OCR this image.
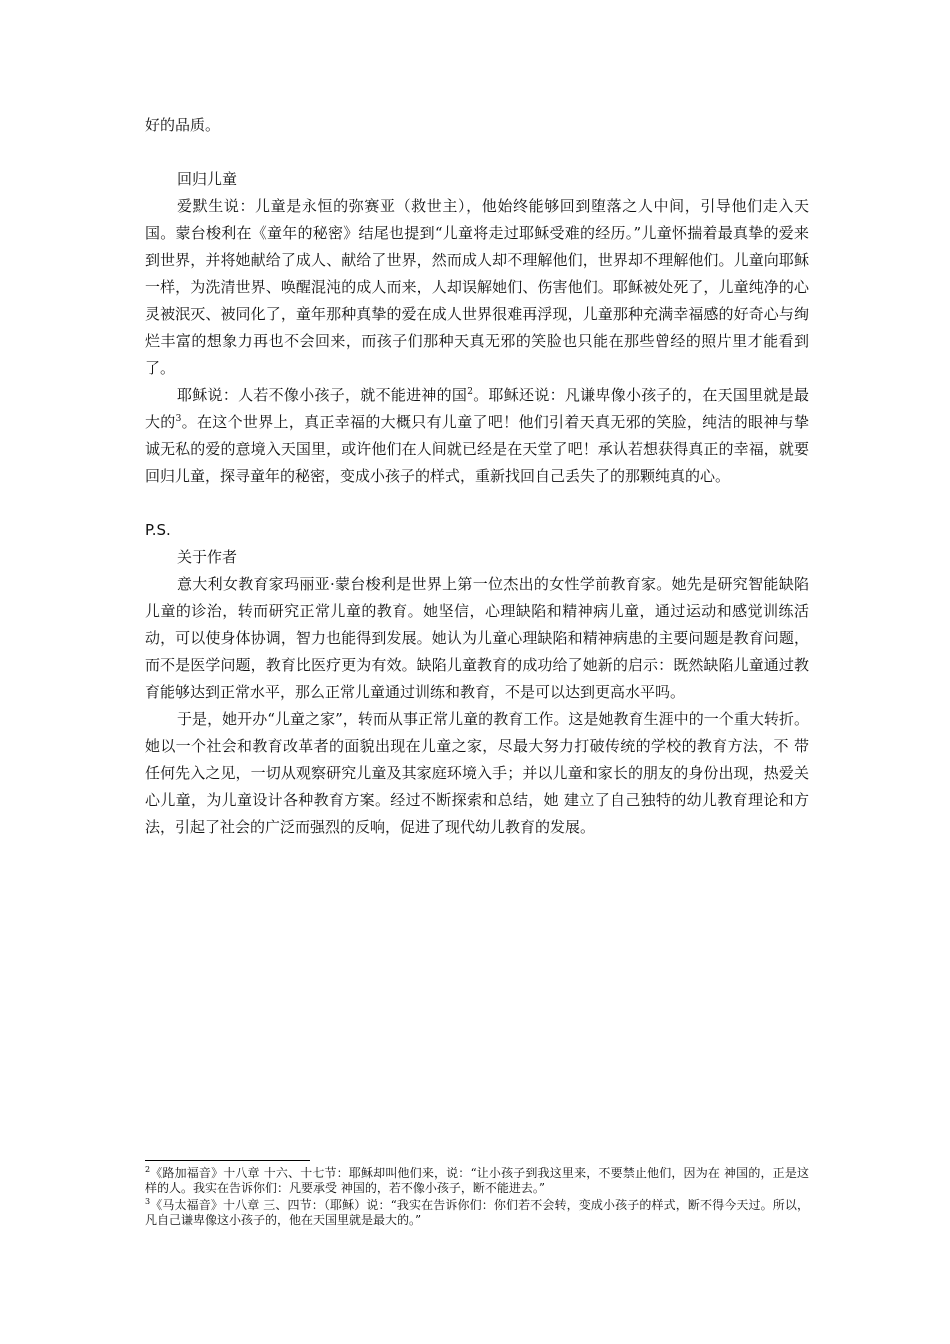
好的品质。

回归儿童

爱默生说：儿童是永恒的弥赛亚（救世主），他始终能够回到堕落之人中间，引导他们走入天国。蒙台梭利在《童年的秘密》结尾也提到“儿童将走过耶稣受难的经历。”儿童怀揣着最真挚的爱来到世界，并将她献给了成人、献给了世界，然而成人却不理解他们，世界却不理解他们。儿童向耶稣一样，为洗清世界、唤醒混沌的成人而来，人却误解她们、伤害他们。耶稣被处死了，儿童纯净的心灵被泯灭、被同化了，童年那种真挚的爱在成人世界很难再浮现，儿童那种充满幸福感的好奇心与绚烂丰富的想象力再也不会回来，而孩子们那种天真无邪的笑脸也只能在那些曾经的照片里才能看到了。

耶稣说：人若不像小孩子，就不能进神的国$^2$。耶稣还说：凡谦卑像小孩子的，在天国里就是最大的$^3$。在这个世界上，真正幸福的大概只有儿童了吧！他们引着天真无邪的笑脸，纯洁的眼神与挚诚无私的爱的意境入天国里，或许他们在人间就已经是在天堂了吧！承认若想获得真正的幸福，就要回归儿童，探寻童年的秘密，变成小孩子的样式，重新找回自己丢失了的那颗纯真的心。

P.S.

关于作者

意大利女教育家玛丽亚·蒙台梭利是世界上第一位杰出的女性学前教育家。她先是研究智能缺陷儿童的诊治，转而研究正常儿童的教育。她坚信，心理缺陷和精神病儿童，通过运动和感觉训练活动，可以使身体协调，智力也能得到发展。她认为儿童心理缺陷和精神病患的主要问题是教育问题，而不是医学问题，教育比医疗更为有效。缺陷儿童教育的成功给了她新的启示：既然缺陷儿童通过教育能够达到正常水平，那么正常儿童通过训练和教育，不是可以达到更高水平吗。

于是，她开办“儿童之家”，转而从事正常儿童的教育工作。这是她教育生涯中的一个重大转折。她以一个社会和教育改革者的面貌出现在儿童之家，尽最大努力打破传统的学校的教育方法，不 带任何先入之见，一切从观察研究儿童及其家庭环境入手；并以儿童和家长的朋友的身份出现，热爱关心儿童，为儿童设计各种教育方案。经过不断探索和总结，她 建立了自己独特的幼儿教育理论和方法，引起了社会的广泛而强烈的反响，促进了现代幼儿教育的发展。

$^2$《路加福音》十八章 十六、十七节：耶稣却叫他们来，说：“让小孩子到我这里来，不要禁止他们，因为在 神国的，正是这样的人。我实在告诉你们：凡要承受 神国的，若不像小孩子，断不能进去。”

$^3$《马太福音》十八章 三、四节：（耶稣）说：“我实在告诉你们：你们若不会转，变成小孩子的样式，断不得今天过。所以，凡自己谦卑像这小孩子的，他在天国里就是最大的。”
